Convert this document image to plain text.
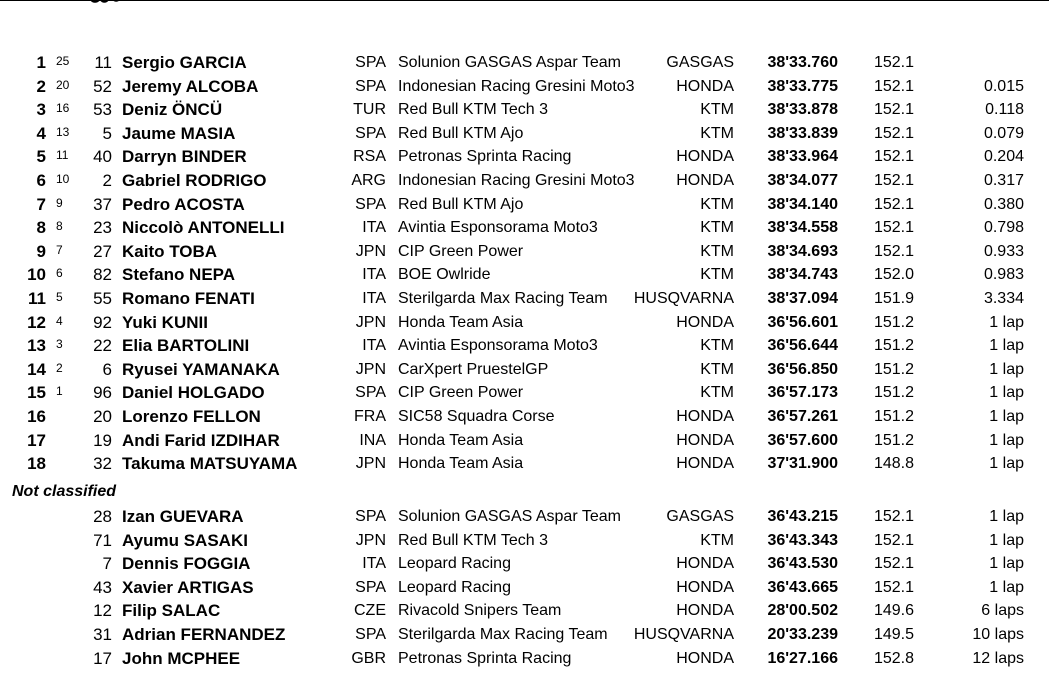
1 25	11 Sergio GARCIA	SPA Solunion GASGAS Aspar Team	GASGAS	38'33.760	152.1
2 20	52 Jeremy ALCOBA	SPA Indonesian Racing Gresini Moto3	HONDA	38'33.775	152.1	0.015
3 16	53 Deniz ÖNCÜ	TUR Red Bull KTM Tech 3	KTM	38'33.878	152.1	0.118
4 13	5 Jaume MASIA	SPA Red Bull KTM Ajo	KTM	38'33.839	152.1	0.079
5 11	40 Darryn BINDER	RSA Petronas Sprinta Racing	HONDA	38'33.964	152.1	0.204
6 10	2 Gabriel RODRIGO	ARG Indonesian Racing Gresini Moto3	HONDA	38'34.077	152.1	0.317
7 9	37 Pedro ACOSTA	SPA Red Bull KTM Ajo	KTM	38'34.140	152.1	0.380
8 8	23 Niccolò ANTONELLI	ITA Avintia Esponsorama Moto3	KTM	38'34.558	152.1	0.798
9 7	27 Kaito TOBA	JPN CIP Green Power	KTM	38'34.693	152.1	0.933
10 6	82 Stefano NEPA	ITA BOE Owlride	KTM	38'34.743	152.0	0.983
11 5	55 Romano FENATI	ITA Sterilgarda Max Racing Team	HUSQVARNA	38'37.094	151.9	3.334
12 4	92 Yuki KUNII	JPN Honda Team Asia	HONDA	36'56.601	151.2	1 lap
13 3	22 Elia BARTOLINI	ITA Avintia Esponsorama Moto3	KTM	36'56.644	151.2	1 lap
14 2	6 Ryusei YAMANAKA	JPN CarXpert PruestelGP	KTM	36'56.850	151.2	1 lap
15 1	96 Daniel HOLGADO	SPA CIP Green Power	KTM	36'57.173	151.2	1 lap
16	20 Lorenzo FELLON	FRA SIC58 Squadra Corse	HONDA	36'57.261	151.2	1 lap
17	19 Andi Farid IZDIHAR	INA Honda Team Asia	HONDA	36'57.600	151.2	1 lap
18	32 Takuma MATSUYAMA	JPN Honda Team Asia	HONDA	37'31.900	148.8	1 lap
Not classified
28 Izan GUEVARA	SPA Solunion GASGAS Aspar Team	GASGAS	36'43.215	152.1	1 lap
71 Ayumu SASAKI	JPN Red Bull KTM Tech 3	KTM	36'43.343	152.1	1 lap
7 Dennis FOGGIA	ITA Leopard Racing	HONDA	36'43.530	152.1	1 lap
43 Xavier ARTIGAS	SPA Leopard Racing	HONDA	36'43.665	152.1	1 lap
12 Filip SALAC	CZE Rivacold Snipers Team	HONDA	28'00.502	149.6	6 laps
31 Adrian FERNANDEZ	SPA Sterilgarda Max Racing Team	HUSQVARNA	20'33.239	149.5	10 laps
17 John MCPHEE	GBR Petronas Sprinta Racing	HONDA	16'27.166	152.8	12 laps
